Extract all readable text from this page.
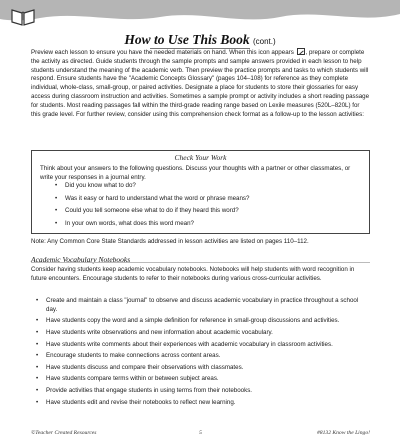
How to Use This Book (cont.)

Preview each lesson to ensure you have the needed materials on hand. When this icon appears , prepare or complete the activity as directed. Guide students through the sample prompts and sample answers provided in each lesson to help students understand the meaning of the academic verb. Then preview the practice prompts and tasks to which students will respond. Ensure students have the "Academic Concepts Glossary" (pages 104–108) for reference as they complete individual, whole-class, small-group, or paired activities. Designate a place for students to store their glossaries for easy access during classroom instruction and activities. Sometimes a sample prompt or activity includes a short reading passage for students. Most reading passages fall within the third-grade reading range based on Lexile measures (520L–820L) for this grade level. For further review, consider using this comprehension check format as a follow-up to the lesson activities:

Check Your Work

Think about your answers to the following questions. Discuss your thoughts with a partner or other classmates, or write your responses in a journal entry.

• Did you know what to do?
• Was it easy or hard to understand what the word or phrase means?
• Could you tell someone else what to do if they heard this word?
• In your own words, what does this word mean?

Note: Any Common Core State Standards addressed in lesson activities are listed on pages 110–112.

Academic Vocabulary Notebooks

Consider having students keep academic vocabulary notebooks. Notebooks will help students with word recognition in future encounters. Encourage students to refer to their notebooks during various cross-curricular activities.

• Create and maintain a class "journal" to observe and discuss academic vocabulary in practice throughout a school day.
• Have students copy the word and a simple definition for reference in small-group discussions and activities.
• Have students write observations and new information about academic vocabulary.
• Have students write comments about their experiences with academic vocabulary in classroom activities.
• Encourage students to make connections across content areas.
• Have students discuss and compare their observations with classmates.
• Have students compare terms within or between subject areas.
• Provide activities that engage students in using terms from their notebooks.
• Have students edit and revise their notebooks to reflect new learning.
©Teacher Created Resources	5	#8132 Know the Lingo!
